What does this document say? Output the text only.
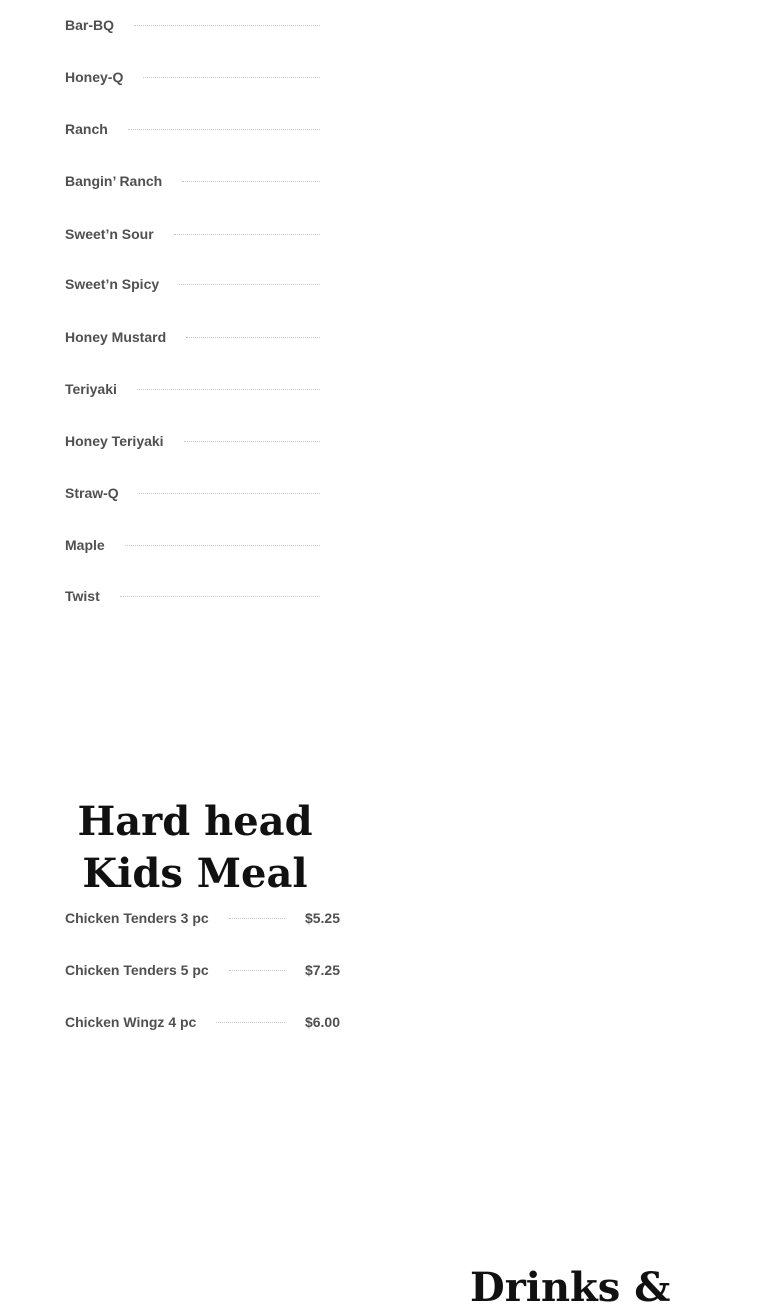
Bar-BQ
Honey-Q
Ranch
Bangin’ Ranch
Sweet’n Sour
Sweet’n Spicy
Honey Mustard
Teriyaki
Honey Teriyaki
Straw-Q
Maple
Twist
Hard head
Kids Meal
Chicken Tenders 3 pc	$5.25
Chicken Tenders 5 pc	$7.25
Chicken Wingz 4 pc	$6.00
Drinks &
